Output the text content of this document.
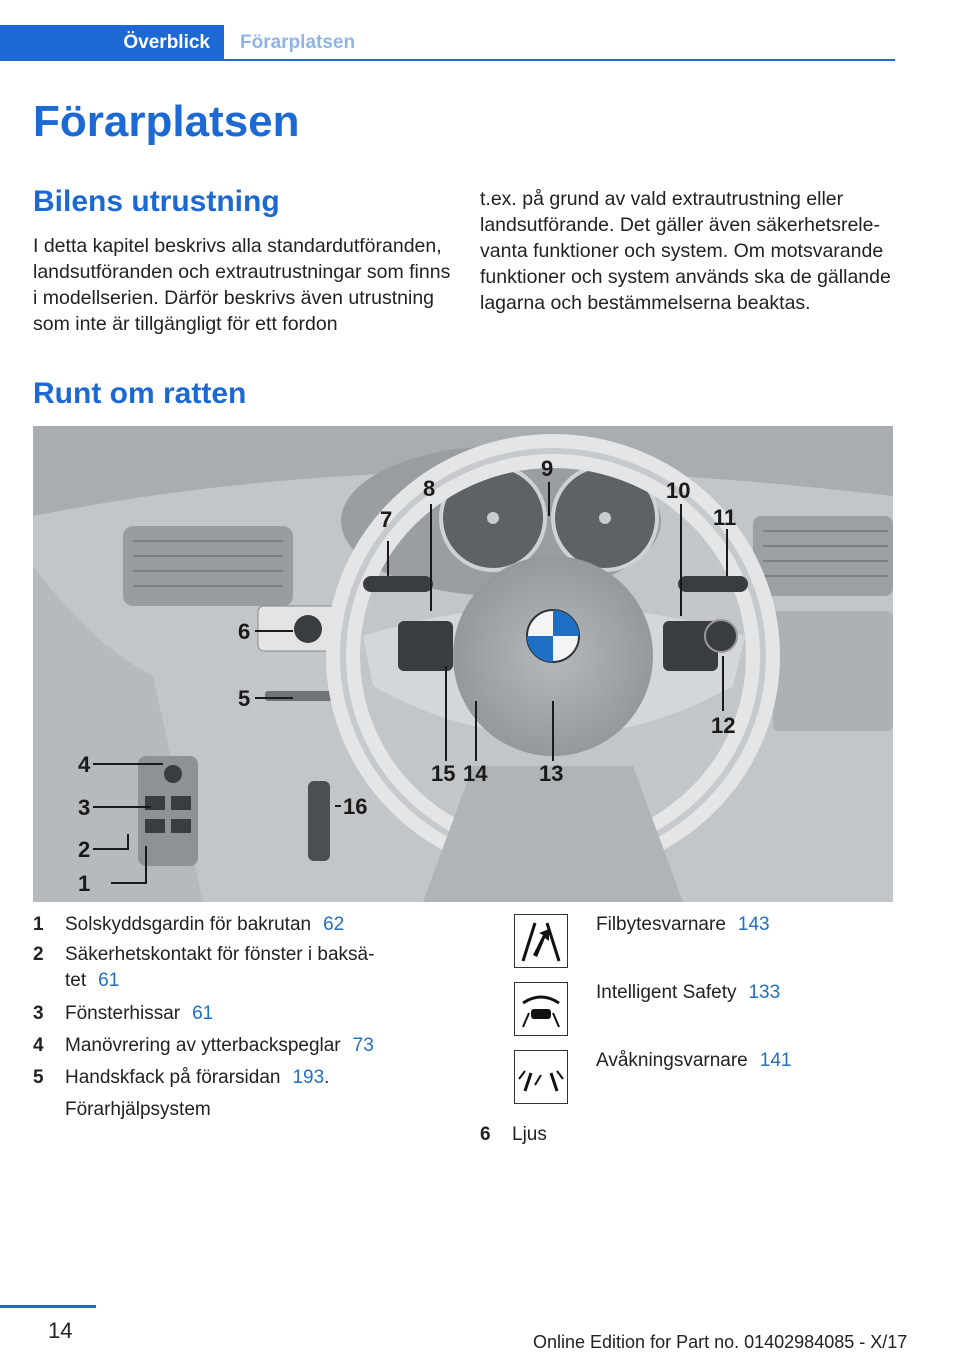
Överblick Förarplatsen
Förarplatsen
Bilens utrustning

I detta kapitel beskrivs alla standardutföranden, landsutföranden och extrautrustningar som finns i modellserien. Därför beskrivs även utrustning som inte är tillgängligt för ett fordon

t.ex. på grund av vald extrautrustning eller landsutförande. Det gäller även säkerhetsrelevanta funktioner och system. Om motsvarande funktioner och system används ska de gällande lagarna och bestämmelserna beaktas.

Runt om ratten
1
2
3
4
5
6
7
8
9
10
11
12
13
14
15
16
1	Solskyddsgardin för bakrutan 62
2	Säkerhetskontakt för fönster i baksätet 61
3	Fönsterhissar 61
4	Manövrering av ytterbackspeglar 73
5	Handskfack på förarsidan 193.
Förarhjälpsystem
Filbytesvarnare 143
Intelligent Safety 133
Avåkningsvarnare 141
6	Ljus
14	Online Edition for Part no. 01402984085 - X/17
